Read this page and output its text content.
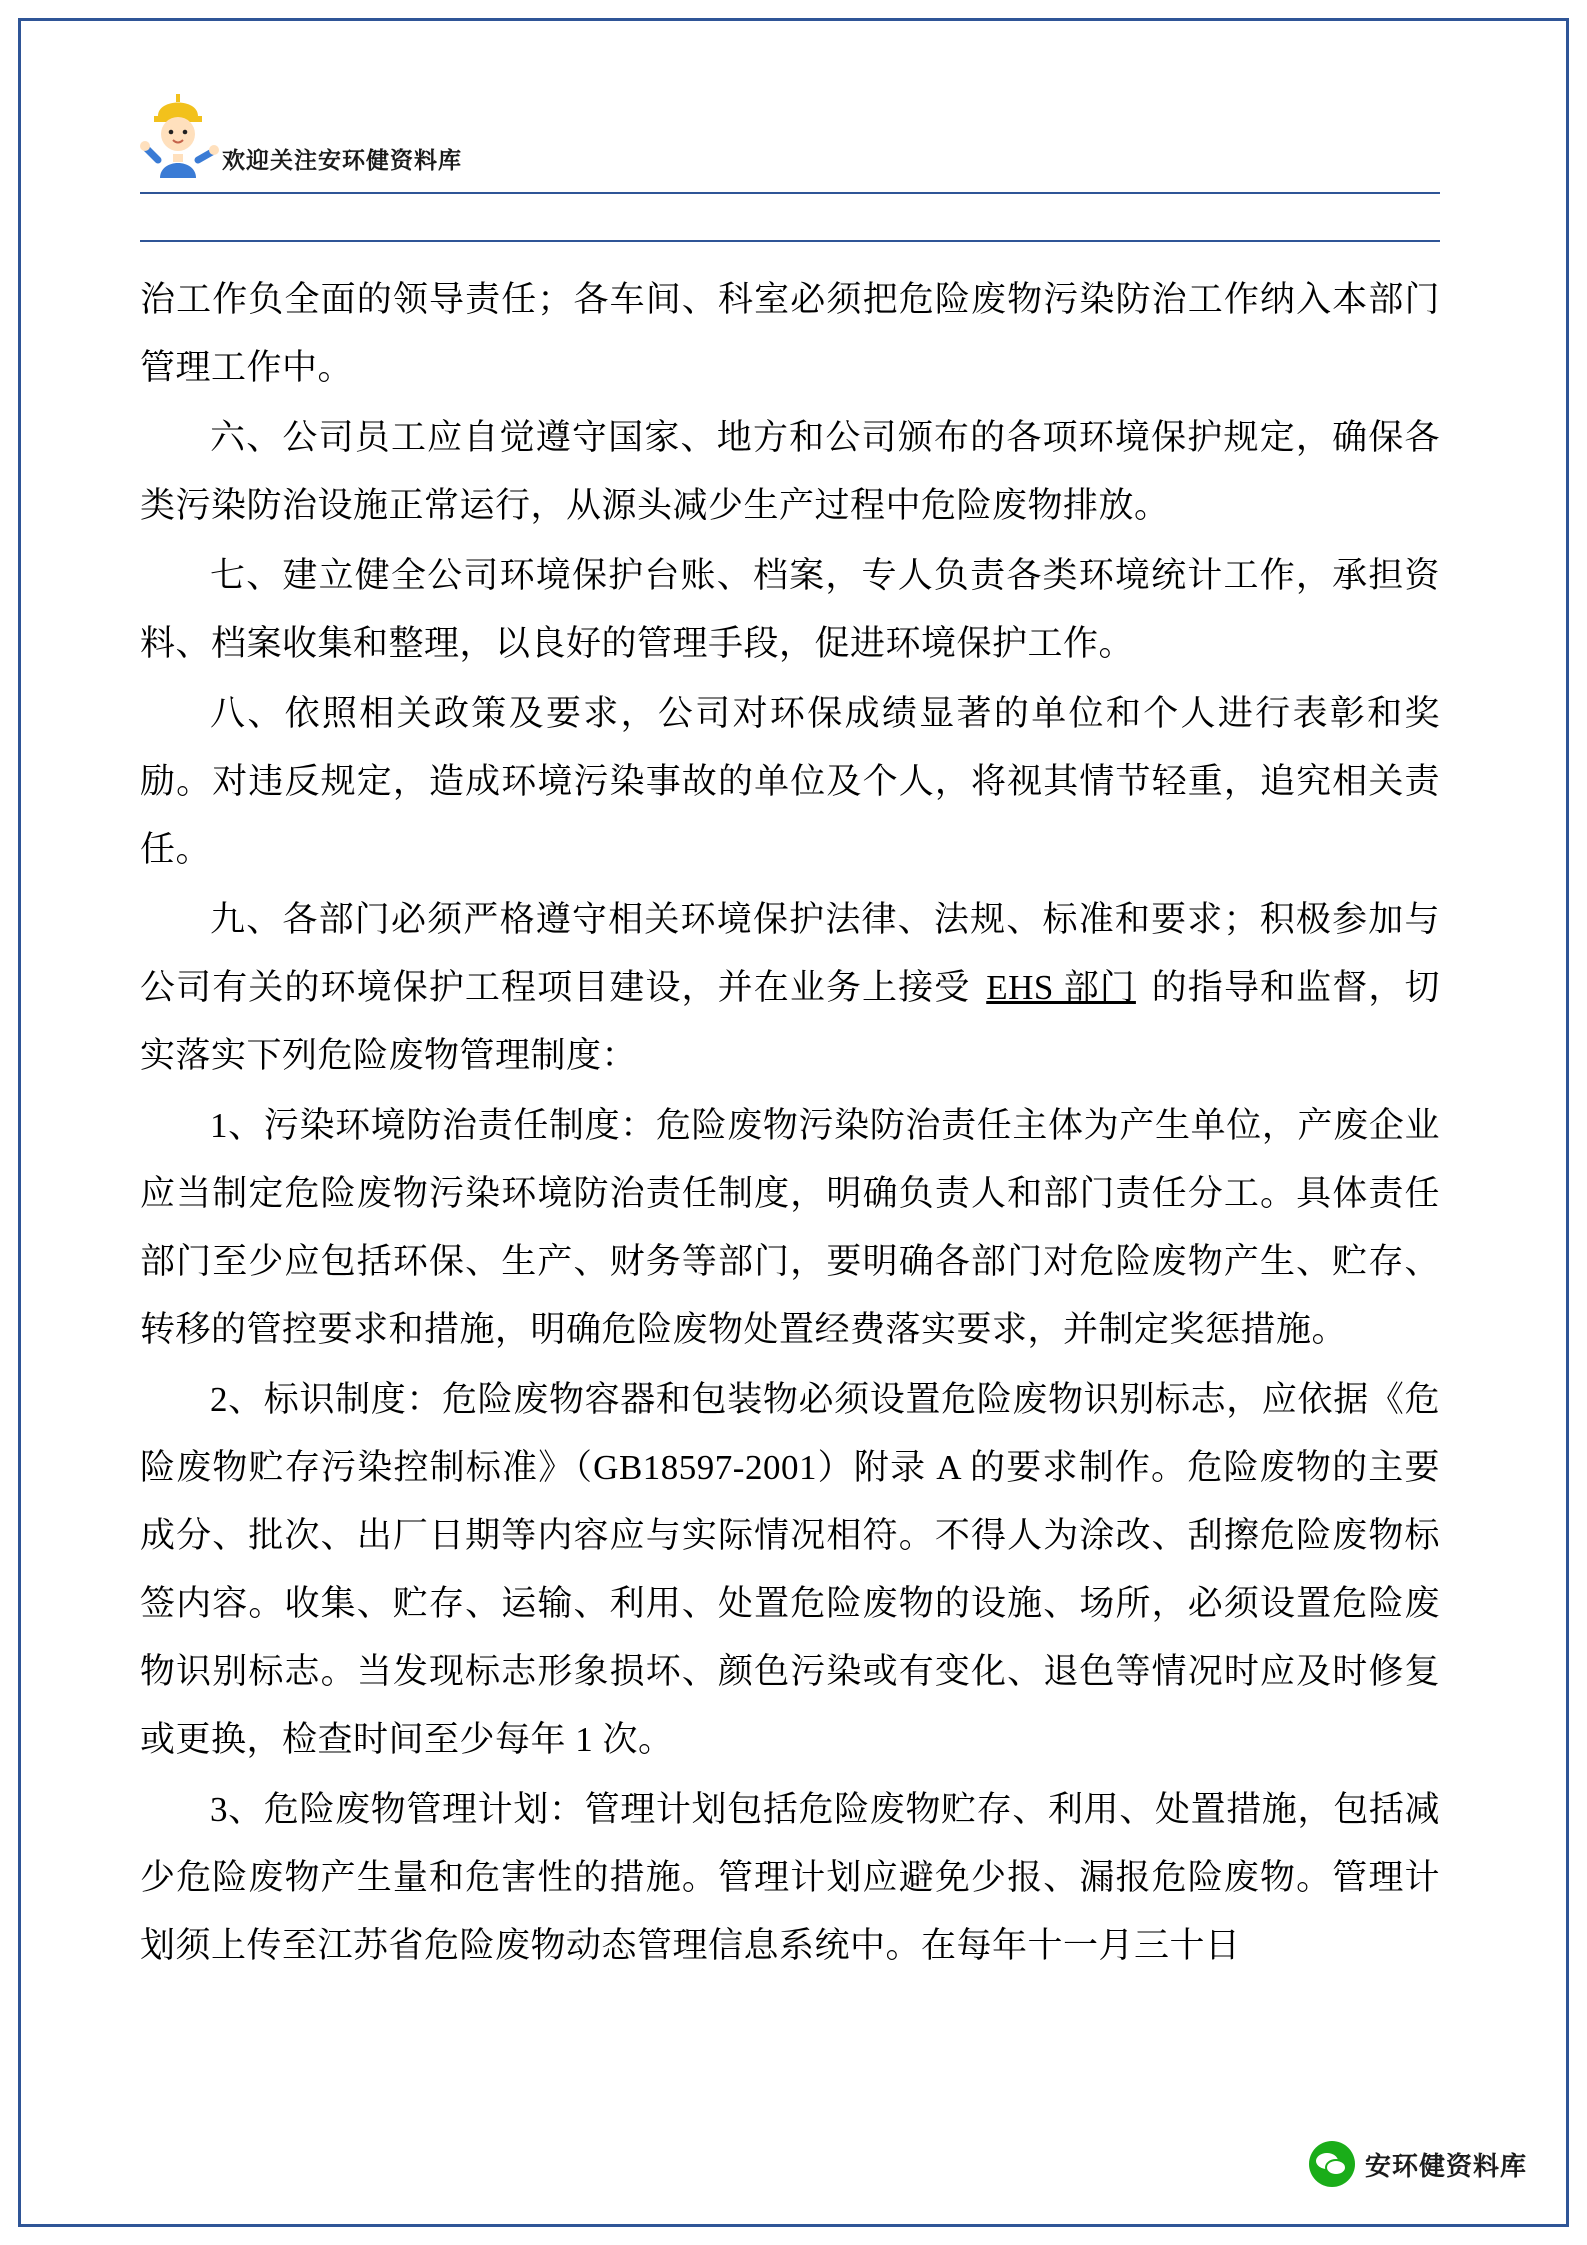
欢迎关注安环健资料库

治工作负全面的领导责任；各车间、科室必须把危险废物污染防治工作纳入本部门管理工作中。

六、公司员工应自觉遵守国家、地方和公司颁布的各项环境保护规定，确保各类污染防治设施正常运行，从源头减少生产过程中危险废物排放。

七、建立健全公司环境保护台账、档案，专人负责各类环境统计工作，承担资料、档案收集和整理，以良好的管理手段，促进环境保护工作。

八、依照相关政策及要求，公司对环保成绩显著的单位和个人进行表彰和奖励。对违反规定，造成环境污染事故的单位及个人，将视其情节轻重，追究相关责任。

九、各部门必须严格遵守相关环境保护法律、法规、标准和要求；积极参加与公司有关的环境保护工程项目建设，并在业务上接受 EHS 部门 的指导和监督，切实落实下列危险废物管理制度：

1、污染环境防治责任制度：危险废物污染防治责任主体为产生单位，产废企业应当制定危险废物污染环境防治责任制度，明确负责人和部门责任分工。具体责任部门至少应包括环保、生产、财务等部门，要明确各部门对危险废物产生、贮存、转移的管控要求和措施，明确危险废物处置经费落实要求，并制定奖惩措施。

2、标识制度：危险废物容器和包装物必须设置危险废物识别标志，应依据《危险废物贮存污染控制标准》（GB18597-2001）附录 A 的要求制作。危险废物的主要成分、批次、出厂日期等内容应与实际情况相符。不得人为涂改、刮擦危险废物标签内容。收集、贮存、运输、利用、处置危险废物的设施、场所，必须设置危险废物识别标志。当发现标志形象损坏、颜色污染或有变化、退色等情况时应及时修复或更换，检查时间至少每年 1 次。

3、危险废物管理计划：管理计划包括危险废物贮存、利用、处置措施，包括减少危险废物产生量和危害性的措施。管理计划应避免少报、漏报危险废物。管理计划须上传至江苏省危险废物动态管理信息系统中。在每年十一月三十日

安环健资料库
